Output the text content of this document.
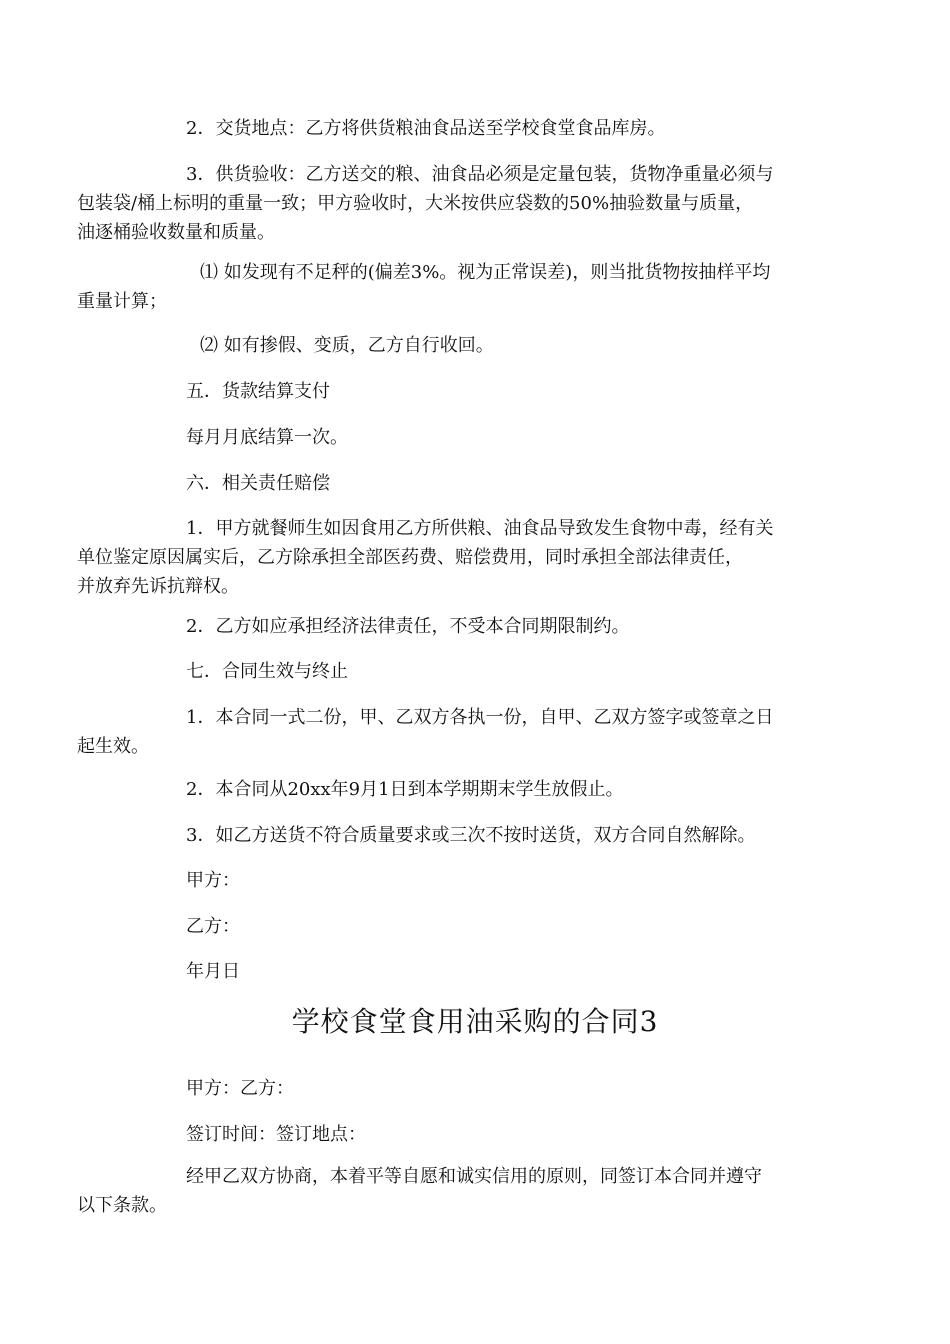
2．交货地点：乙方将供货粮油食品送至学校食堂食品库房。
3．供货验收：乙方送交的粮、油食品必须是定量包装，货物净重量必须与
包装袋/桶上标明的重量一致；甲方验收时，大米按供应袋数的50%抽验数量与质量，
油逐桶验收数量和质量。
⑴ 如发现有不足秤的(偏差3%。视为正常误差)，则当批货物按抽样平均
重量计算；
⑵ 如有掺假、变质，乙方自行收回。
五．货款结算支付
每月月底结算一次。
六．相关责任赔偿
1．甲方就餐师生如因食用乙方所供粮、油食品导致发生食物中毒，经有关
单位鉴定原因属实后，乙方除承担全部医药费、赔偿费用，同时承担全部法律责任，
并放弃先诉抗辩权。
2．乙方如应承担经济法律责任，不受本合同期限制约。
七．合同生效与终止
1．本合同一式二份，甲、乙双方各执一份，自甲、乙双方签字或签章之日
起生效。
2．本合同从20xx年9月1日到本学期期末学生放假止。
3．如乙方送货不符合质量要求或三次不按时送货，双方合同自然解除。
甲方：
乙方：
年月日
学校食堂食用油采购的合同3
甲方：乙方：
签订时间：签订地点：
经甲乙双方协商，本着平等自愿和诚实信用的原则，同签订本合同并遵守
以下条款。
